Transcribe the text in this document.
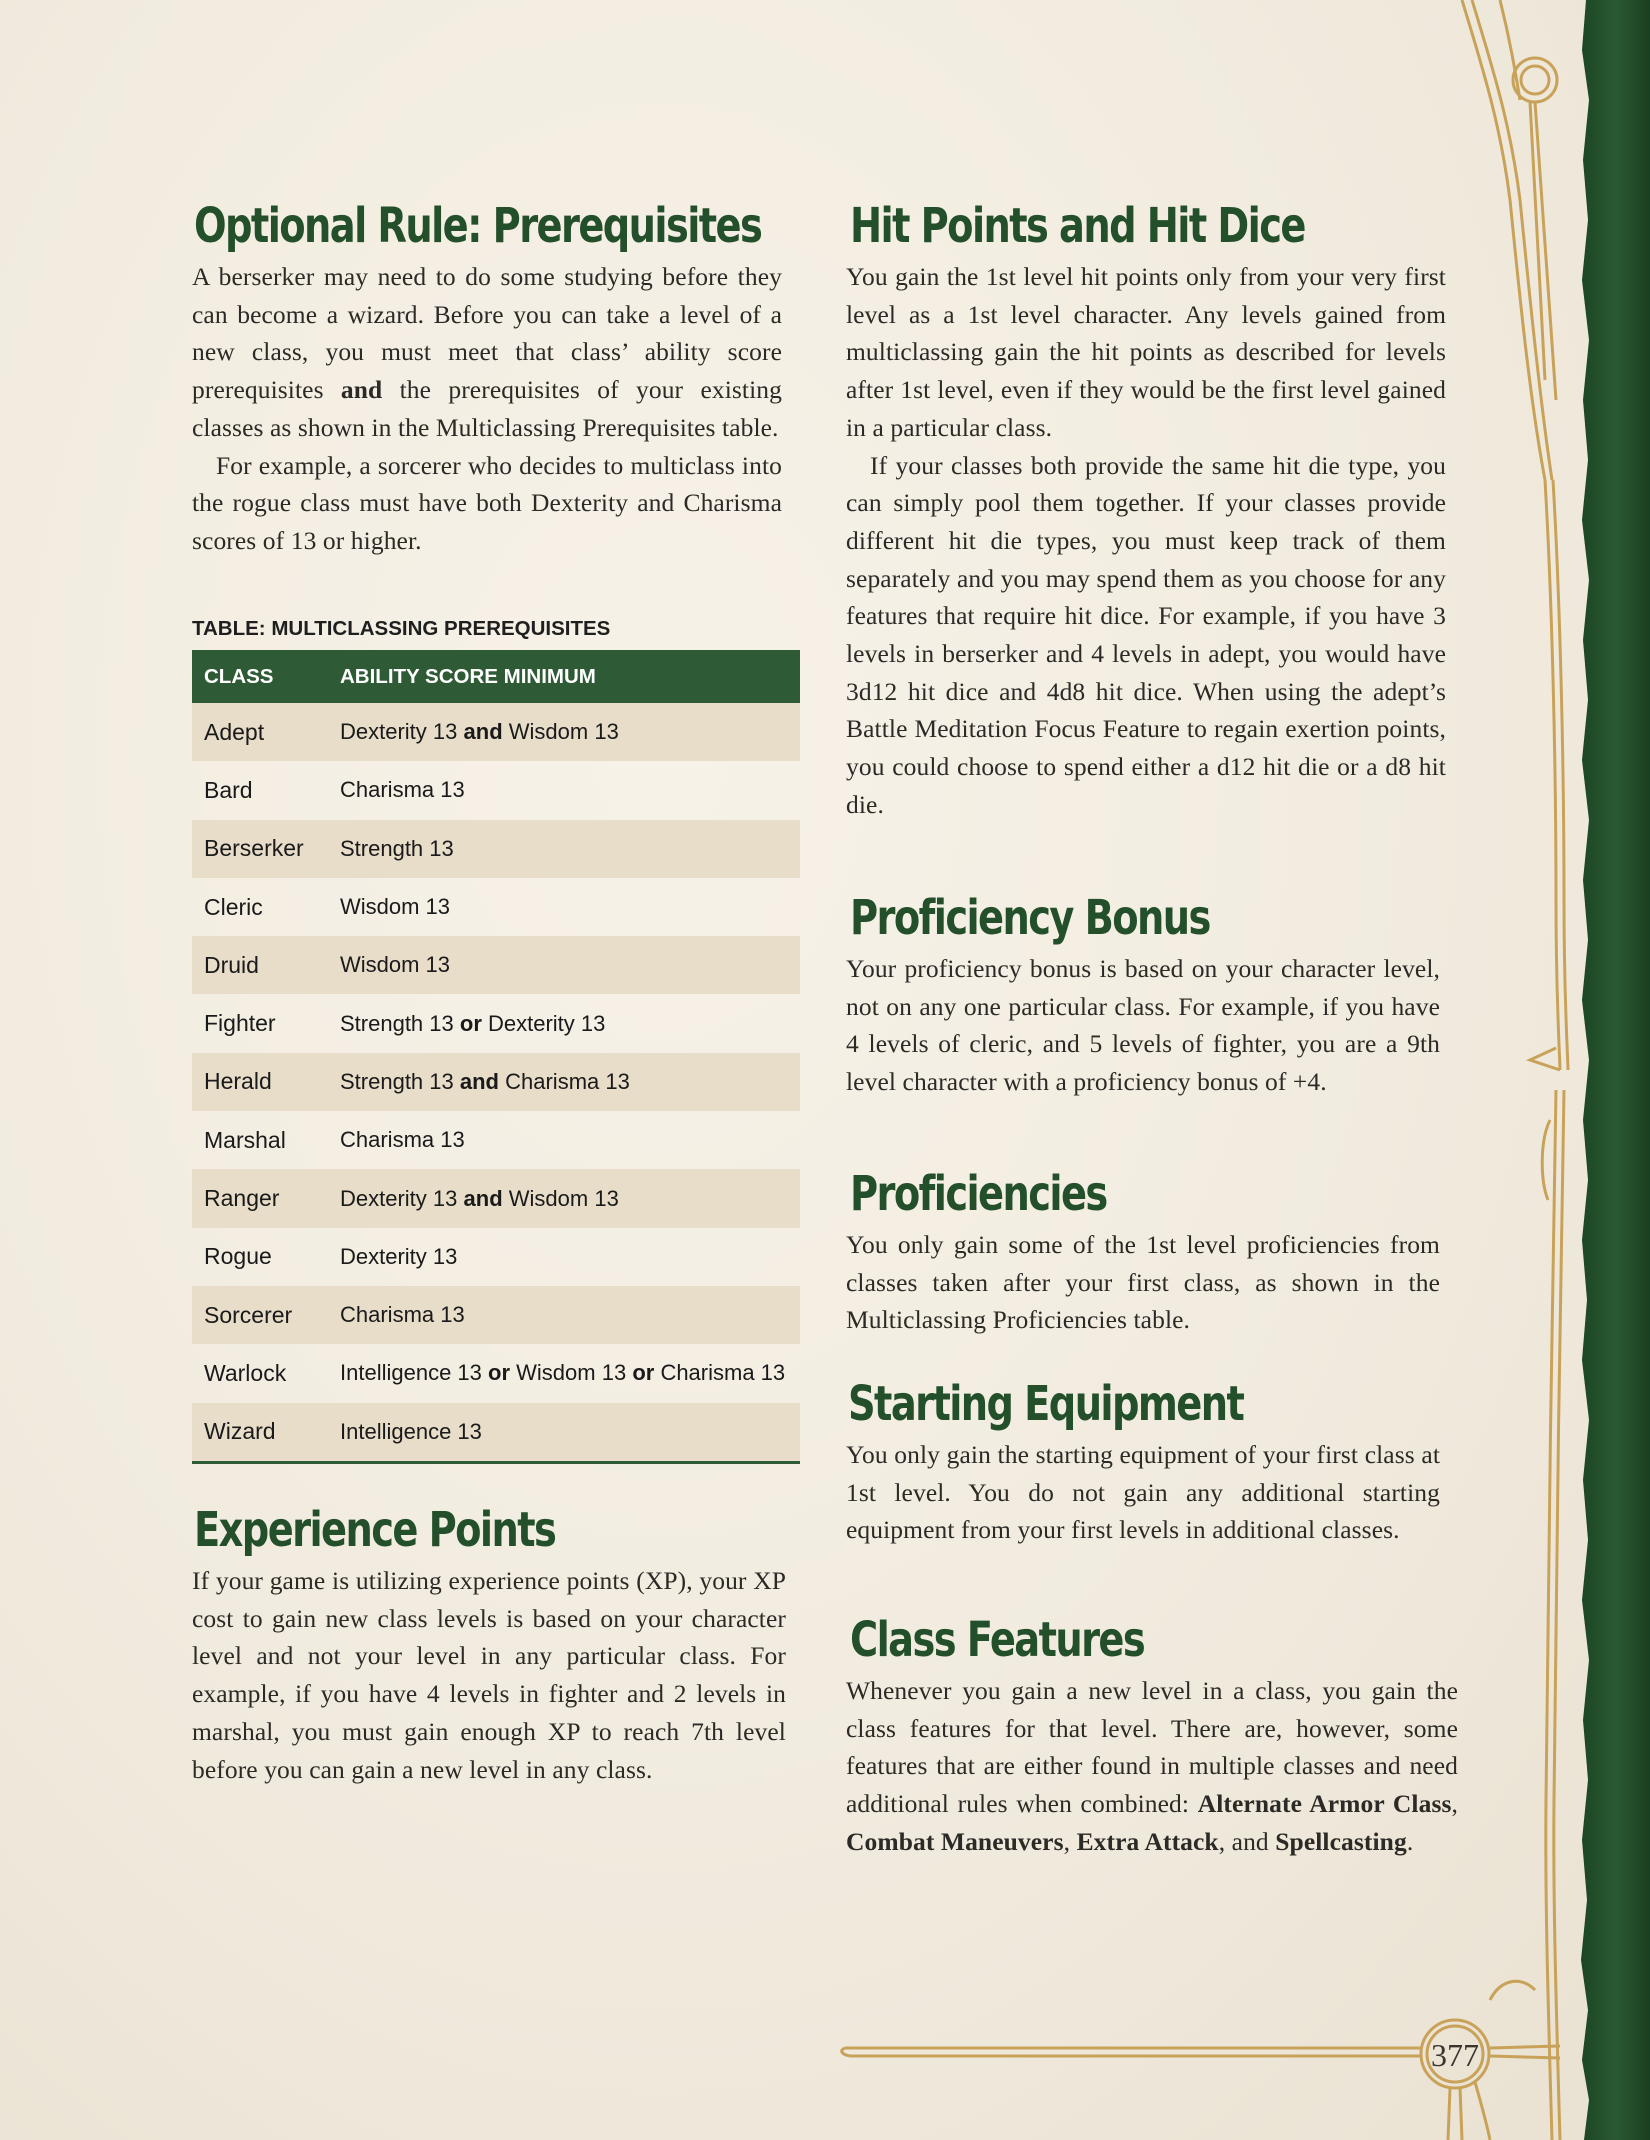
Optional Rule: Prerequisites

A berserker may need to do some studying before they can become a wizard. Before you can take a level of a new class, you must meet that class’ ability score prerequisites and the prerequisites of your existing classes as shown in the Multiclassing Prerequisites table.

For example, a sorcerer who decides to multiclass into the rogue class must have both Dexterity and Charisma scores of 13 or higher.

TABLE: MULTICLASSING PREREQUISITES

CLASS	ABILITY SCORE MINIMUM
Adept	Dexterity 13 and Wisdom 13
Bard	Charisma 13
Berserker	Strength 13
Cleric	Wisdom 13
Druid	Wisdom 13
Fighter	Strength 13 or Dexterity 13
Herald	Strength 13 and Charisma 13
Marshal	Charisma 13
Ranger	Dexterity 13 and Wisdom 13
Rogue	Dexterity 13
Sorcerer	Charisma 13
Warlock	Intelligence 13 or Wisdom 13 or Charisma 13
Wizard	Intelligence 13
Experience Points

If your game is utilizing experience points (XP), your XP cost to gain new class levels is based on your character level and not your level in any particular class. For example, if you have 4 levels in fighter and 2 levels in marshal, you must gain enough XP to reach 7th level before you can gain a new level in any class.

Hit Points and Hit Dice

You gain the 1st level hit points only from your very first level as a 1st level character. Any levels gained from multiclassing gain the hit points as described for levels after 1st level, even if they would be the first level gained in a particular class.

If your classes both provide the same hit die type, you can simply pool them together. If your classes provide different hit die types, you must keep track of them separately and you may spend them as you choose for any features that require hit dice. For example, if you have 3 levels in berserker and 4 levels in adept, you would have 3d12 hit dice and 4d8 hit dice. When using the adept’s Battle Meditation Focus Feature to regain exertion points, you could choose to spend either a d12 hit die or a d8 hit die.

Proficiency Bonus

Your proficiency bonus is based on your character level, not on any one particular class. For example, if you have 4 levels of cleric, and 5 levels of fighter, you are a 9th level character with a proficiency bonus of +4.

Proficiencies

You only gain some of the 1st level proficiencies from classes taken after your first class, as shown in the Multiclassing Proficiencies table.

Starting Equipment

You only gain the starting equipment of your first class at 1st level. You do not gain any additional starting equipment from your first levels in additional classes.

Class Features

Whenever you gain a new level in a class, you gain the class features for that level. There are, however, some features that are either found in multiple classes and need additional rules when combined: Alternate Armor Class, Combat Maneuvers, Extra Attack, and Spellcasting.

377
